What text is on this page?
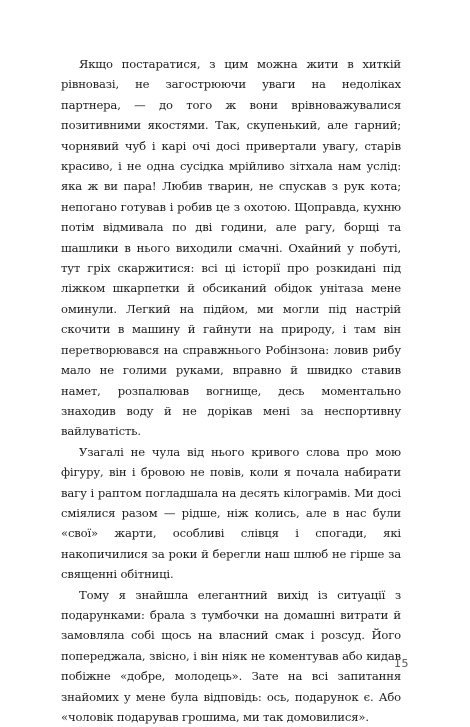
Якщо постаратися, з цим можна жити в хиткій рівновазі, не загострюючи уваги на недоліках партнера, — до того ж вони врівноважувалися позитивними якостями. Так, скупенький, але гарний; чорнявий чуб і карі очі досі привертали увагу, старів красиво, і не одна сусідка мрійливо зітхала нам услід: яка ж ви пара! Любив тварин, не спускав з рук кота; непогано готував і робив це з охотою. Щоправда, кухню потім відмивала по дві години, але рагу, борщі та шашлики в нього виходили смачні. Охайний у побуті, тут гріх скаржитися: всі ці історії про розкидані під ліжком шкарпетки й обсиканий обідок унітаза мене оминули. Легкий на підйом, ми могли під настрій скочити в машину й гайнути на природу, і там він перетворювався на справжнього Робінзона: ловив рибу мало не голими руками, вправно й швидко ставив намет, розпалював вогнище, десь моментально знаходив воду й не дорікав мені за неспортивну вайлуватість.

Узагалі не чула від нього кривого слова про мою фігуру, він і бровою не повів, коли я почала набирати вагу і раптом погладшала на десять кілограмів. Ми досі сміялися разом — рідше, ніж колись, але в нас були «свої» жарти, особливі слівця і спогади, які накопичилися за роки й берегли наш шлюб не гірше за священні обітниці.

Тому я знайшла елегантний вихід із ситуації з подарунками: брала з тумбочки на домашні витрати й замовляла собі щось на власний смак і розсуд. Його попереджала, звісно, і він ніяк не коментував або кидав побіжне «добре, молодець». Зате на всі запитання знайомих у мене була відповідь: ось, подарунок є. Або «чоловік подарував грошима, ми так домовилися».

15
